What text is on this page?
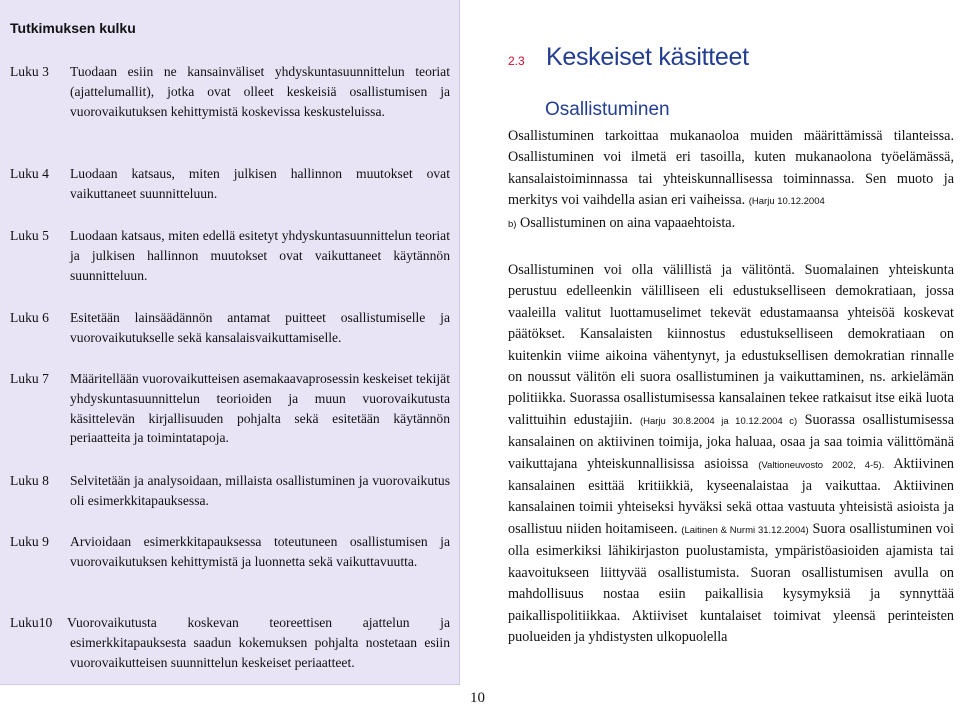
Tutkimuksen kulku
Luku 3 Tuodaan esiin ne kansainväliset yhdyskuntasuunnittelun teoriat (ajattelumallit), jotka ovat olleet keskeisiä osallistumisen ja vuorovaikutuksen kehittymistä koskevissa keskusteluissa.
Luku 4 Luodaan katsaus, miten julkisen hallinnon muutokset ovat vaikuttaneet suunnitteluun.
Luku 5 Luodaan katsaus, miten edellä esitetyt yhdyskuntasuunnittelun teoriat ja julkisen hallinnon muutokset ovat vaikuttaneet käytännön suunnitteluun.
Luku 6 Esitetään lainsäädännön antamat puitteet osallistumiselle ja vuorovaikutukselle sekä kansalaisvaikuttamiselle.
Luku 7 Määritellään vuorovaikutteisen asemakaavaprosessin keskeiset tekijät yhdyskuntasuunnittelun teorioiden ja muun vuorovaikutusta käsittelevän kirjallisuuden pohjalta sekä esitetään käytännön periaatteita ja toimintatapoja.
Luku 8 Selvitetään ja analysoidaan, millaista osallistuminen ja vuorovaikutus oli esimerkkitapauksessa.
Luku 9 Arvioidaan esimerkkitapauksessa toteutuneen osallistumisen ja vuorovaikutuksen kehittymistä ja luonnetta sekä vaikuttavuutta.
Luku10	Vuorovaikutusta koskevan teoreettisen ajattelun ja esimerkkitapauksesta saadun kokemuksen pohjalta nostetaan esiin vuorovaikutteisen suunnittelun keskeiset periaatteet.
10
2.3 Keskeiset käsitteet
Osallistuminen
Osallistuminen tarkoittaa mukanaoloa muiden määrittämissä tilanteissa. Osallistuminen voi ilmetä eri tasoilla, kuten mukanaolona työelämässä, kansalaistoiminnassa tai yhteiskunnallisessa toiminnassa. Sen muoto ja merkitys voi vaihdella asian eri vaiheissa. (Harju 10.12.2004
b) Osallistuminen on aina vapaaehtoista.
Osallistuminen voi olla välillistä ja välitöntä. Suomalainen yhteiskunta perustuu edelleenkin välilliseen eli edustukselliseen demokratiaan, jossa vaaleilla valitut luottamuselimet tekevät edustamaansa yhteisöä koskevat päätökset. Kansalaisten kiinnostus edustukselliseen demokratiaan on kuitenkin viime aikoina vähentynyt, ja edustuksellisen demokratian rinnalle on noussut välitön eli suora osallistuminen ja vaikuttaminen, ns. arkielämän politiikka. Suorassa osallistumisessa kansalainen tekee ratkaisut itse eikä luota valittuihin edustajiin. (Harju 30.8.2004 ja 10.12.2004 c) Suorassa osallistumisessa kansalainen on aktiivinen toimija, joka haluaa, osaa ja saa toimia välittömänä vaikuttajana yhteiskunnallisissa asioissa (Valtioneuvosto 2002, 4-5). Aktiivinen kansalainen esittää kritiikkiä, kyseenalaistaa ja vaikuttaa. Aktiivinen kansalainen toimii yhteiseksi hyväksi sekä ottaa vastuuta yhteisistä asioista ja osallistuu niiden hoitamiseen. (Laitinen & Nurmi 31.12.2004) Suora osallistuminen voi olla esimerkiksi lähikirjaston puolustamista, ympäristöasioiden ajamista tai kaavoitukseen liittyvää osallistumista. Suoran osallistumisen avulla on mahdollisuus nostaa esiin paikallisia kysymyksiä ja synnyttää paikallispolitiikkaa. Aktiiviset kuntalaiset toimivat yleensä perinteisten puolueiden ja yhdistysten ulkopuolella
